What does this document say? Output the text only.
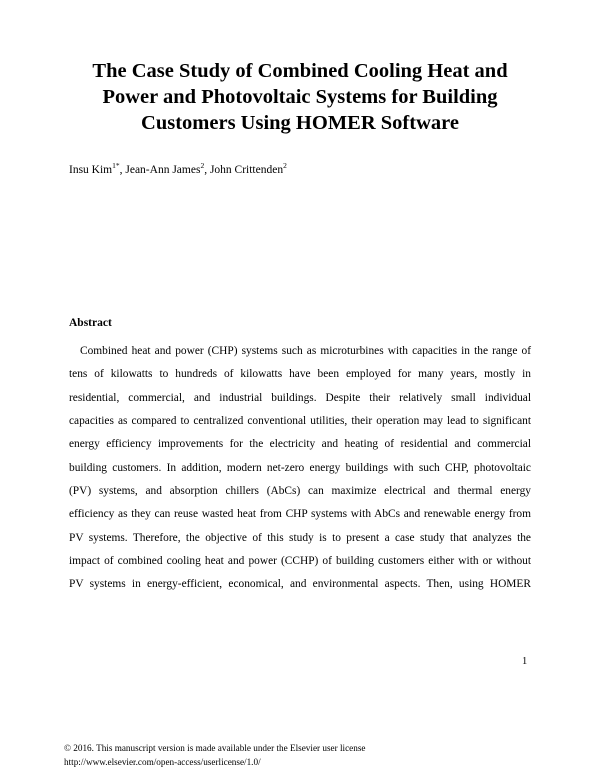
The Case Study of Combined Cooling Heat and
Power and Photovoltaic Systems for Building
Customers Using HOMER Software
Insu Kim$^{1*}$, Jean-Ann James$^2$, John Crittenden$^2$
Abstract
Combined heat and power (CHP) systems such as microturbines with capacities in the range of
tens of kilowatts to hundreds of kilowatts have been employed for many years, mostly in
residential, commercial, and industrial buildings. Despite their relatively small individual
capacities as compared to centralized conventional utilities, their operation may lead to significant
energy efficiency improvements for the electricity and heating of residential and commercial
building customers. In addition, modern net-zero energy buildings with such CHP, photovoltaic
(PV) systems, and absorption chillers (AbCs) can maximize electrical and thermal energy
efficiency as they can reuse wasted heat from CHP systems with AbCs and renewable energy from
PV systems. Therefore, the objective of this study is to present a case study that analyzes the
impact of combined cooling heat and power (CCHP) of building customers either with or without
PV systems in energy-efficient, economical, and environmental aspects. Then, using HOMER
1
© 2016. This manuscript version is made available under the Elsevier user license
http://www.elsevier.com/open-access/userlicense/1.0/
